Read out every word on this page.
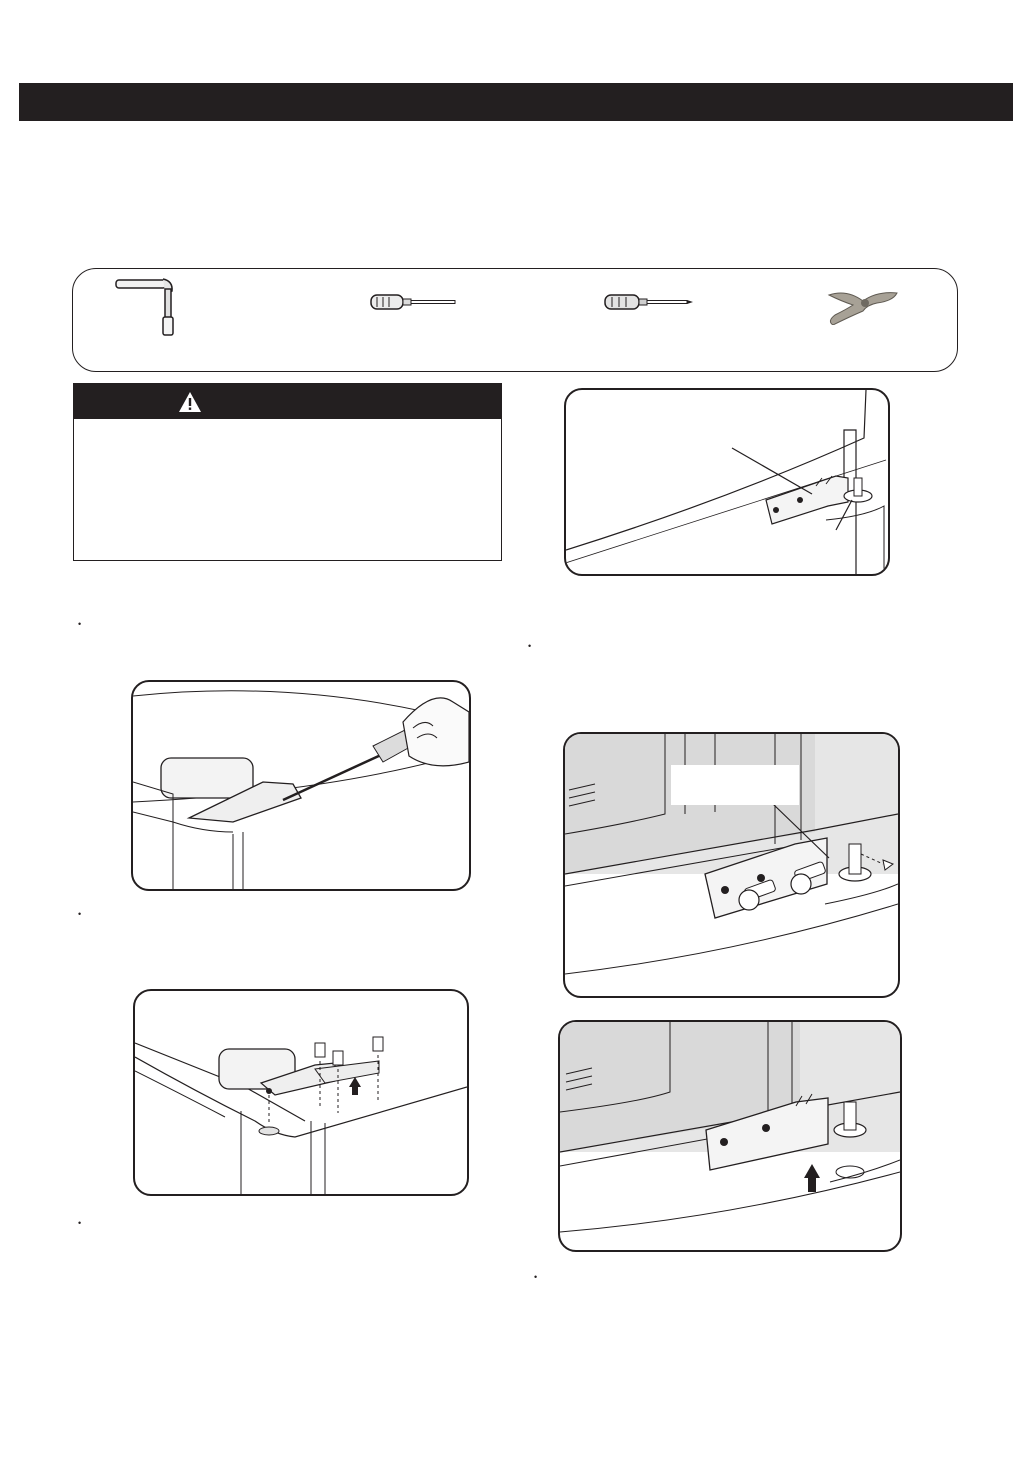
•
•
•
•
•
